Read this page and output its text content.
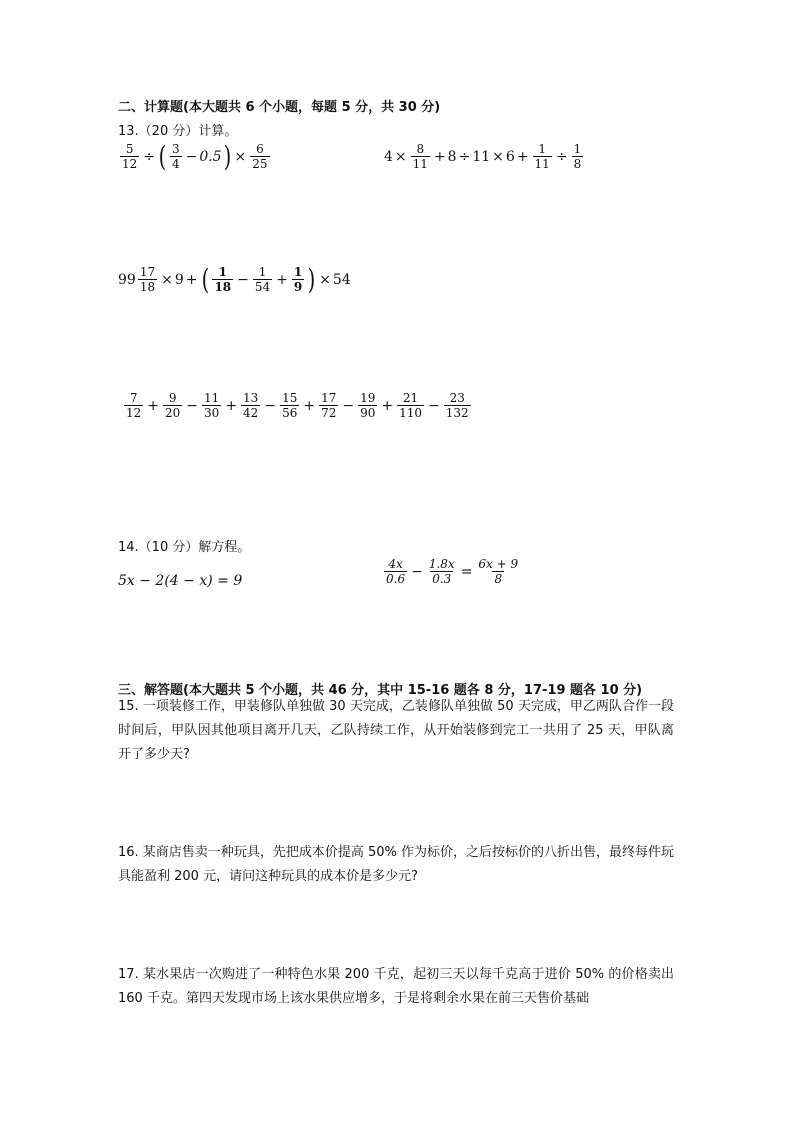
二、计算题(本大题共 6 个小题，每题 5 分，共 30 分)
13.（20 分）计算。
$\frac{5}{12}$ ÷ ( $\frac{3}{4} - 0.5$ ) × $\frac{6}{25}$	$4 \times \frac{8}{11} + 8 \div 11 \times 6 + \frac{1}{11} \div \frac{1}{8}$
$99 \frac{17}{18} \times 9$ + ( $\frac{1}{18} - \frac{1}{54} + \frac{1}{9}$ ) × 54
$\frac{7}{12} + \frac{9}{20} - \frac{11}{30} + \frac{13}{42} - \frac{15}{56} + \frac{17}{72} - \frac{19}{90} + \frac{21}{110} - \frac{23}{132}$
14.（10 分）解方程。
5x − 2(4 − x) = 9	$\frac{4x}{0.6} - \frac{1.8x}{0.3} = \frac{6x + 9}{8}$
三、解答题(本大题共 5 个小题，共 46 分，其中 15-16 题各 8 分，17-19 题各 10 分)
15. 一项装修工作，甲装修队单独做 30 天完成，乙装修队单独做 50 天完成，甲乙两队合作一段时间后，甲队因其他项目离开几天，乙队持续工作，从开始装修到完工一共用了 25 天，甲队离开了多少天?
16. 某商店售卖一种玩具，先把成本价提高 50% 作为标价，之后按标价的八折出售，最终每件玩具能盈利 200 元，请问这种玩具的成本价是多少元?
17. 某水果店一次购进了一种特色水果 200 千克，起初三天以每千克高于进价 50% 的价格卖出 160 千克。第四天发现市场上该水果供应增多，于是将剩余水果在前三天售价基础
